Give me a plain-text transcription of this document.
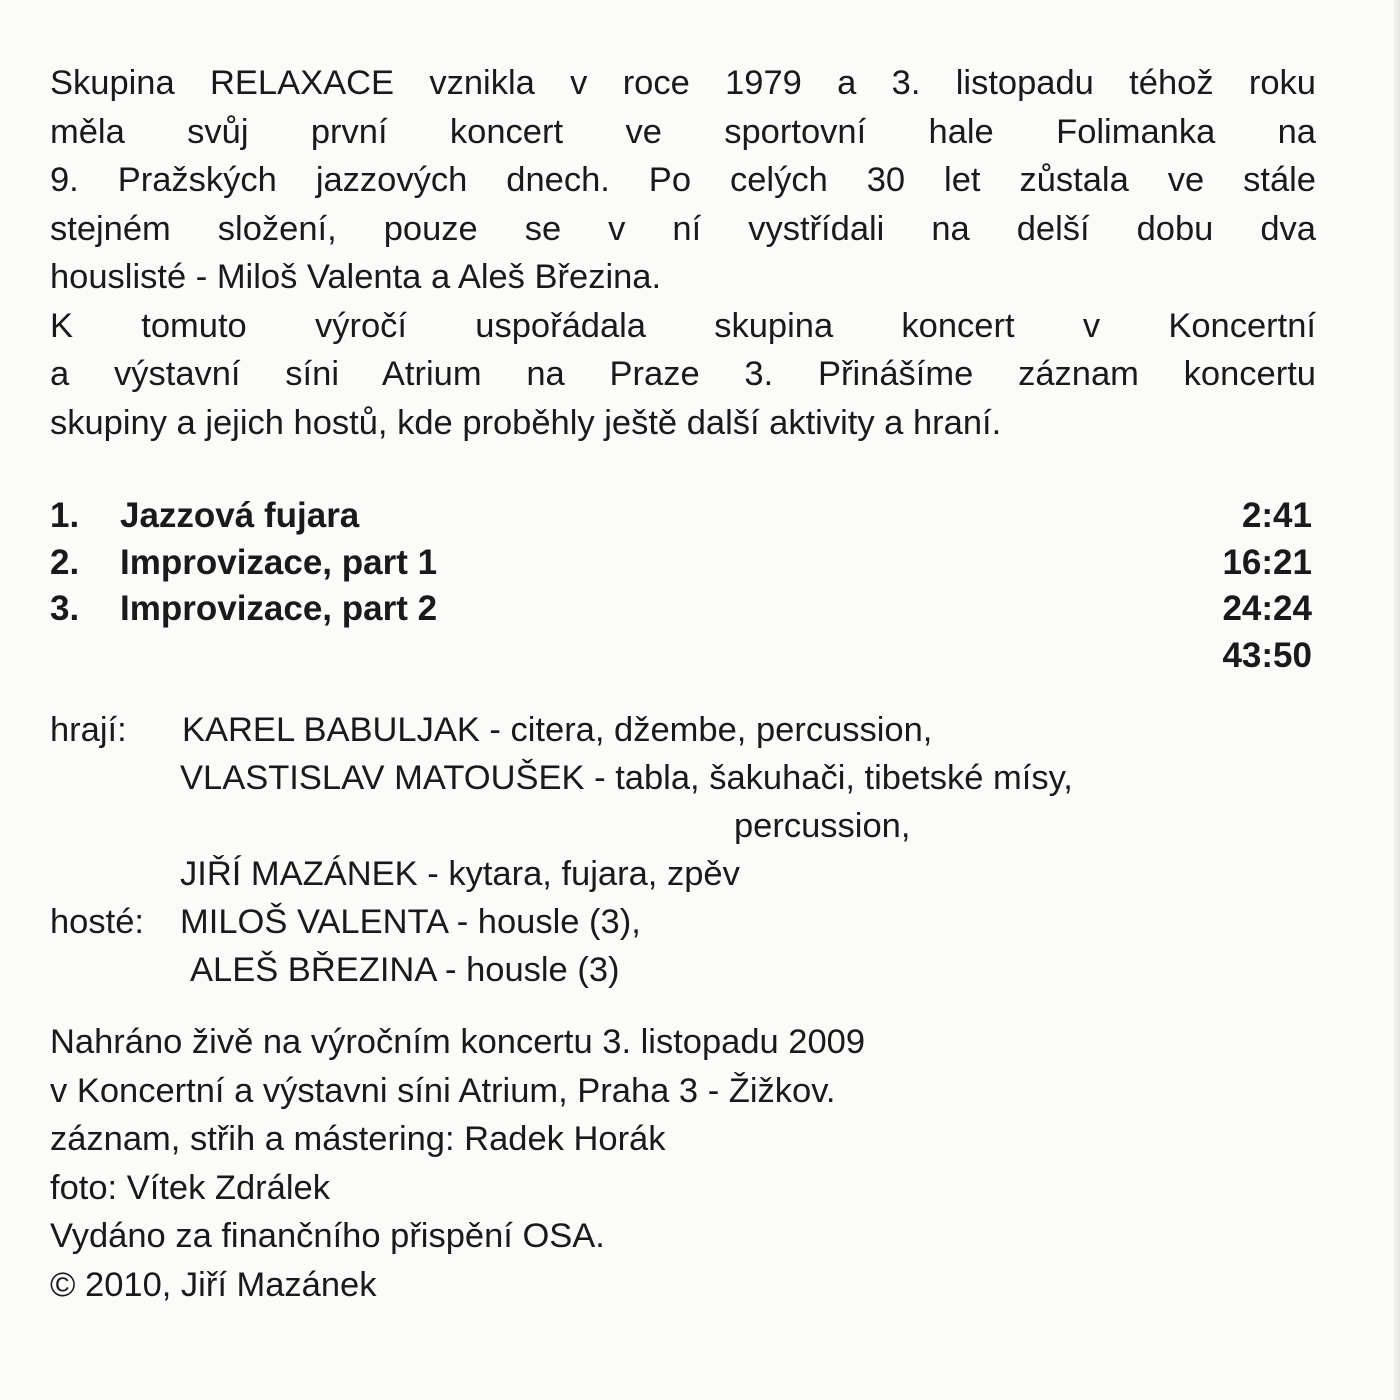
Skupina RELAXACE vznikla v roce 1979 a 3. listopadu téhož roku
měla svůj první koncert ve sportovní hale Folimanka na
9. Pražských jazzových dnech. Po celých 30 let zůstala ve stále
stejném složení, pouze se v ní vystřídali na delší dobu dva
houslisté - Miloš Valenta a Aleš Březina.
K tomuto výročí uspořádala skupina koncert v Koncertní
a výstavní síni Atrium na Praze 3. Přinášíme záznam koncertu
skupiny a jejich hostů, kde proběhly ještě další aktivity a hraní.
1. Jazzová fujara	2:41
2. Improvizace, part 1	16:21
3. Improvizace, part 2	24:24
43:50
hrají: KAREL BABULJAK - citera, džembe, percussion,
VLASTISLAV MATOUŠEK - tabla, šakuhači, tibetské mísy,
percussion,
JIŘÍ MAZÁNEK - kytara, fujara, zpěv
hosté: MILOŠ VALENTA - housle (3),
ALEŠ BŘEZINA - housle (3)
Nahráno živě na výročním koncertu 3. listopadu 2009
v Koncertní a výstavni síni Atrium, Praha 3 - Žižkov.
záznam, střih a mástering: Radek Horák
foto: Vítek Zdrálek
Vydáno za finančního přispění OSA.
© 2010, Jiří Mazánek
